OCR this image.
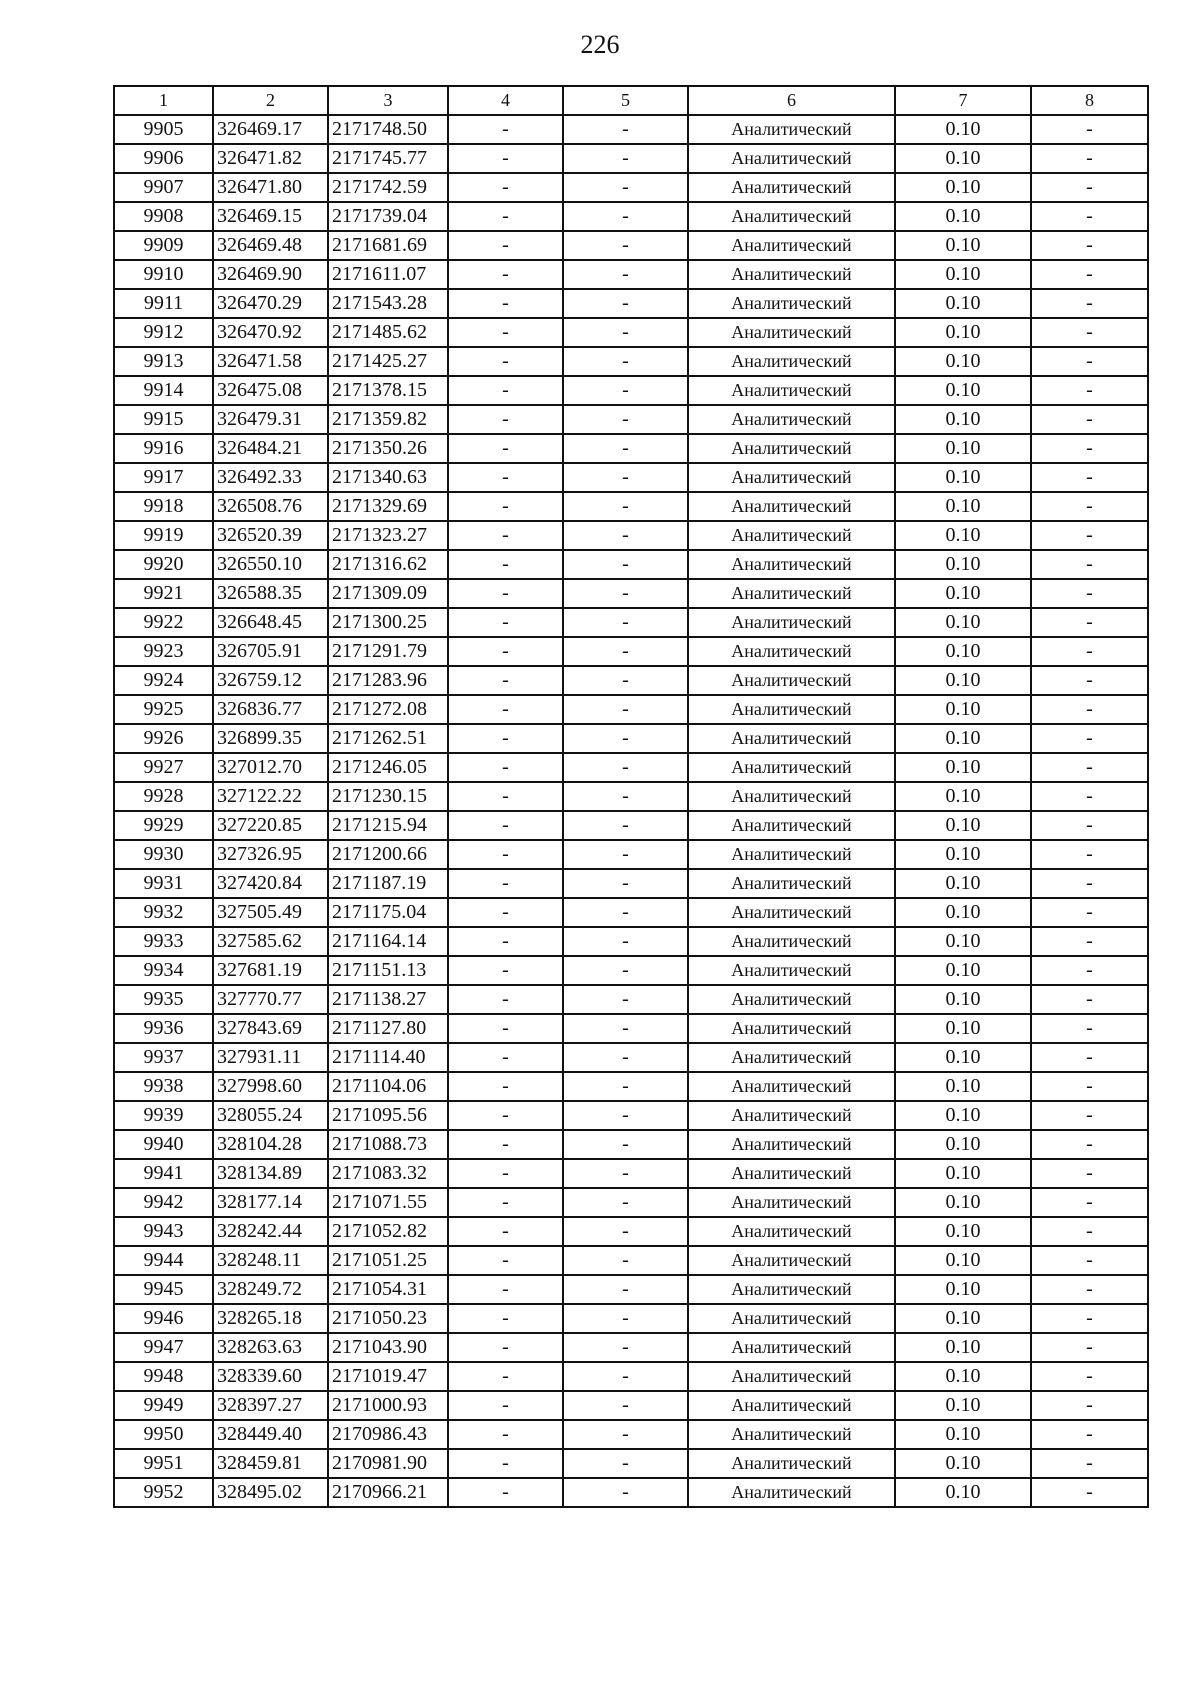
226
1	2	3	4	5	6	7	8
9905	326469.17	2171748.50	-	-	Аналитический	0.10	-
9906	326471.82	2171745.77	-	-	Аналитический	0.10	-
9907	326471.80	2171742.59	-	-	Аналитический	0.10	-
9908	326469.15	2171739.04	-	-	Аналитический	0.10	-
9909	326469.48	2171681.69	-	-	Аналитический	0.10	-
9910	326469.90	2171611.07	-	-	Аналитический	0.10	-
9911	326470.29	2171543.28	-	-	Аналитический	0.10	-
9912	326470.92	2171485.62	-	-	Аналитический	0.10	-
9913	326471.58	2171425.27	-	-	Аналитический	0.10	-
9914	326475.08	2171378.15	-	-	Аналитический	0.10	-
9915	326479.31	2171359.82	-	-	Аналитический	0.10	-
9916	326484.21	2171350.26	-	-	Аналитический	0.10	-
9917	326492.33	2171340.63	-	-	Аналитический	0.10	-
9918	326508.76	2171329.69	-	-	Аналитический	0.10	-
9919	326520.39	2171323.27	-	-	Аналитический	0.10	-
9920	326550.10	2171316.62	-	-	Аналитический	0.10	-
9921	326588.35	2171309.09	-	-	Аналитический	0.10	-
9922	326648.45	2171300.25	-	-	Аналитический	0.10	-
9923	326705.91	2171291.79	-	-	Аналитический	0.10	-
9924	326759.12	2171283.96	-	-	Аналитический	0.10	-
9925	326836.77	2171272.08	-	-	Аналитический	0.10	-
9926	326899.35	2171262.51	-	-	Аналитический	0.10	-
9927	327012.70	2171246.05	-	-	Аналитический	0.10	-
9928	327122.22	2171230.15	-	-	Аналитический	0.10	-
9929	327220.85	2171215.94	-	-	Аналитический	0.10	-
9930	327326.95	2171200.66	-	-	Аналитический	0.10	-
9931	327420.84	2171187.19	-	-	Аналитический	0.10	-
9932	327505.49	2171175.04	-	-	Аналитический	0.10	-
9933	327585.62	2171164.14	-	-	Аналитический	0.10	-
9934	327681.19	2171151.13	-	-	Аналитический	0.10	-
9935	327770.77	2171138.27	-	-	Аналитический	0.10	-
9936	327843.69	2171127.80	-	-	Аналитический	0.10	-
9937	327931.11	2171114.40	-	-	Аналитический	0.10	-
9938	327998.60	2171104.06	-	-	Аналитический	0.10	-
9939	328055.24	2171095.56	-	-	Аналитический	0.10	-
9940	328104.28	2171088.73	-	-	Аналитический	0.10	-
9941	328134.89	2171083.32	-	-	Аналитический	0.10	-
9942	328177.14	2171071.55	-	-	Аналитический	0.10	-
9943	328242.44	2171052.82	-	-	Аналитический	0.10	-
9944	328248.11	2171051.25	-	-	Аналитический	0.10	-
9945	328249.72	2171054.31	-	-	Аналитический	0.10	-
9946	328265.18	2171050.23	-	-	Аналитический	0.10	-
9947	328263.63	2171043.90	-	-	Аналитический	0.10	-
9948	328339.60	2171019.47	-	-	Аналитический	0.10	-
9949	328397.27	2171000.93	-	-	Аналитический	0.10	-
9950	328449.40	2170986.43	-	-	Аналитический	0.10	-
9951	328459.81	2170981.90	-	-	Аналитический	0.10	-
9952	328495.02	2170966.21	-	-	Аналитический	0.10	-
